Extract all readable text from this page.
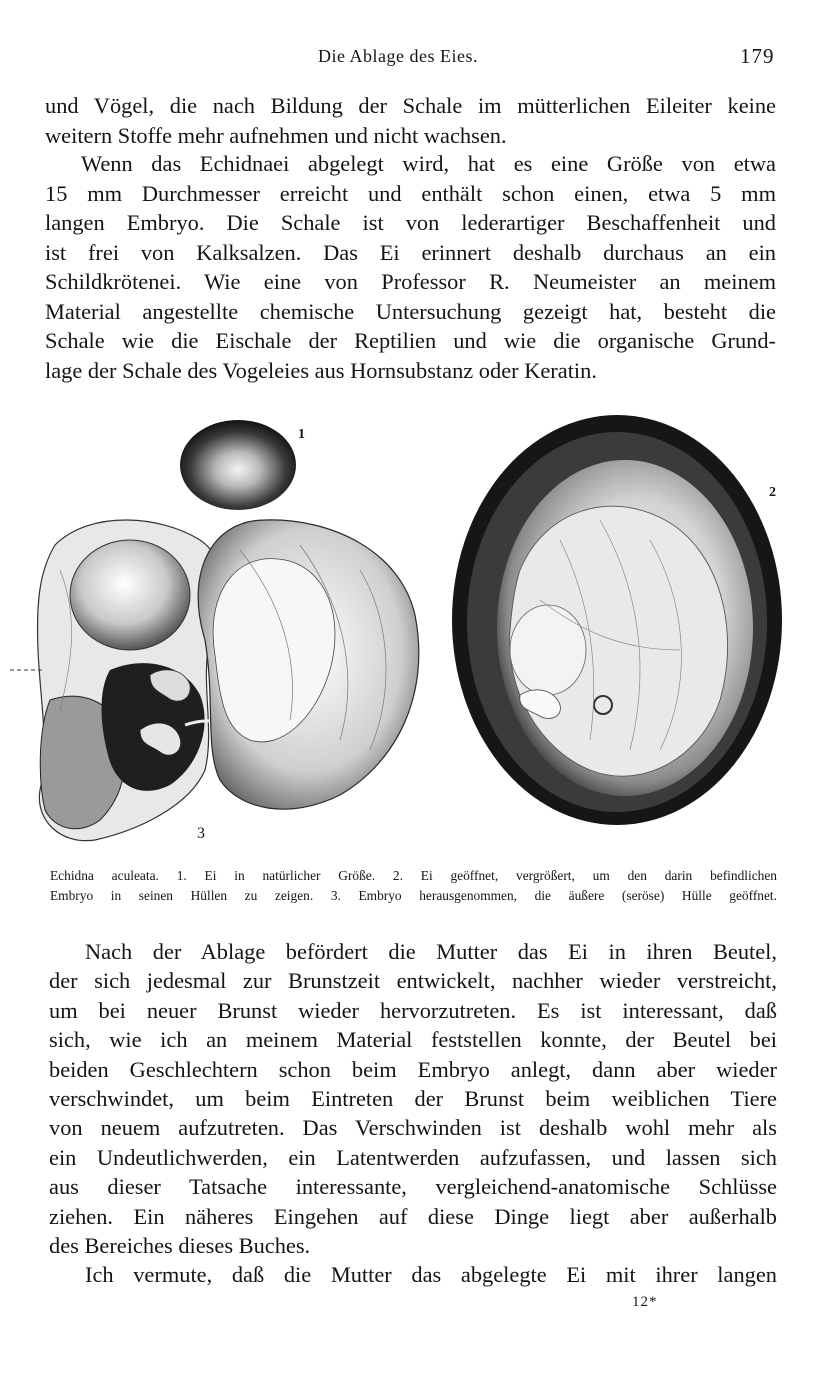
Die Ablage des Eies.	179

und Vögel, die nach Bildung der Schale im mütterlichen Eileiter keine
weitern Stoffe mehr aufnehmen und nicht wachsen.

Wenn das Echidnaei abgelegt wird, hat es eine Größe von etwa
15 mm Durchmesser erreicht und enthält schon einen, etwa 5 mm
langen Embryo. Die Schale ist von lederartiger Beschaffenheit und
ist frei von Kalksalzen. Das Ei erinnert deshalb durchaus an ein
Schildkrötenei. Wie eine von Professor R. Neumeister an meinem
Material angestellte chemische Untersuchung gezeigt hat, besteht die
Schale wie die Eischale der Reptilien und wie die organische Grund-
lage der Schale des Vogeleies aus Hornsubstanz oder Keratin.

1
2
3
Echidna aculeata. 1. Ei in natürlicher Größe. 2. Ei geöffnet, vergrößert, um den darin befindlichen
Embryo in seinen Hüllen zu zeigen. 3. Embryo herausgenommen, die äußere (seröse) Hülle geöffnet.

Nach der Ablage befördert die Mutter das Ei in ihren Beutel,
der sich jedesmal zur Brunstzeit entwickelt, nachher wieder verstreicht,
um bei neuer Brunst wieder hervorzutreten. Es ist interessant, daß
sich, wie ich an meinem Material feststellen konnte, der Beutel bei
beiden Geschlechtern schon beim Embryo anlegt, dann aber wieder
verschwindet, um beim Eintreten der Brunst beim weiblichen Tiere
von neuem aufzutreten. Das Verschwinden ist deshalb wohl mehr als
ein Undeutlichwerden, ein Latentwerden aufzufassen, und lassen sich
aus dieser Tatsache interessante, vergleichend-anatomische Schlüsse
ziehen. Ein näheres Eingehen auf diese Dinge liegt aber außerhalb
des Bereiches dieses Buches.

Ich vermute, daß die Mutter das abgelegte Ei mit ihrer langen

12*
